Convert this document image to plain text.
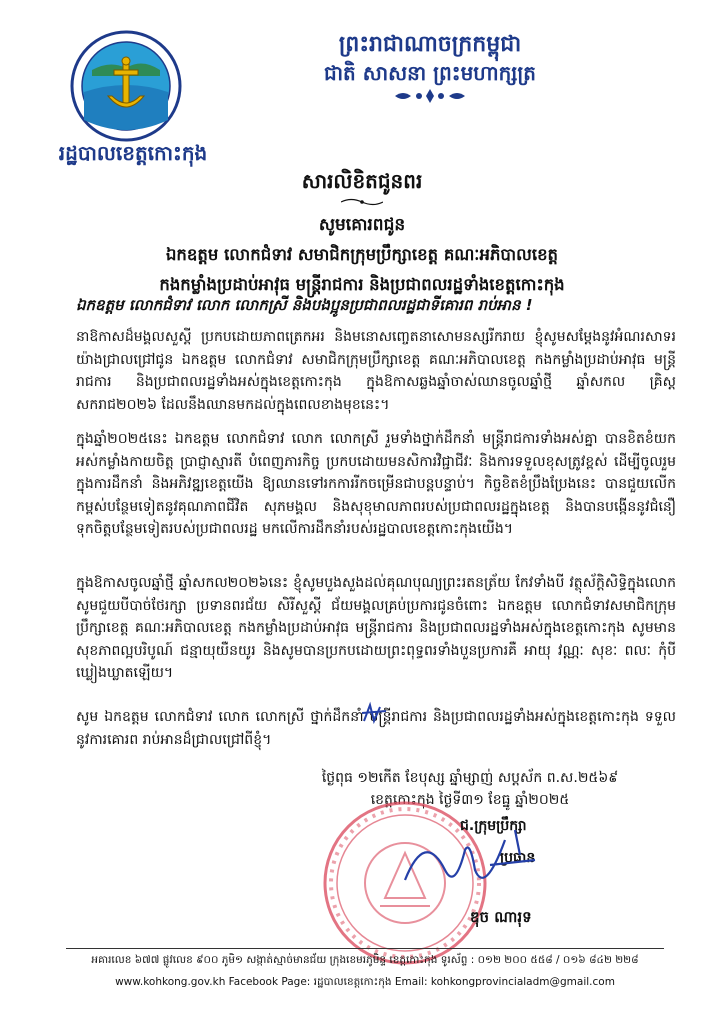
រដ្ឋបាលខេត្តកោះកុង
ព្រះរាជាណាចក្រកម្ពុជា
ជាតិ សាសនា ព្រះមហាក្សត្រ
សារលិខិតជូនពរ
សូមគោរពជូន
ឯកឧត្តម លោកជំទាវ សមាជិកក្រុមប្រឹក្សាខេត្ត គណៈអភិបាលខេត្ត
កងកម្លាំងប្រដាប់អាវុធ មន្ត្រីរាជការ និងប្រជាពលរដ្ឋទាំងខេត្តកោះកុង
ឯកឧត្តម លោកជំទាវ លោក លោកស្រី និងបងប្អូនប្រជាពលរដ្ឋជាទីគោរព រាប់អាន !
នាឱកាសដ៏មង្គលសួស្ដី ប្រកបដោយភាពត្រេកអរ និងមនោសញ្ចេតនាសោមនស្សរីករាយ ខ្ញុំសូមសម្ដែងនូវអំណរសាទរយ៉ាងជ្រាលជ្រៅជូន ឯកឧត្តម លោកជំទាវ សមាជិកក្រុមប្រឹក្សាខេត្ត គណៈអភិបាលខេត្ត កងកម្លាំងប្រដាប់អាវុធ មន្ត្រីរាជការ និងប្រជាពលរដ្ឋទាំងអស់ក្នុងខេត្តកោះកុង ក្នុងឱកាសឆ្លងឆ្នាំចាស់ឈានចូលឆ្នាំថ្មី ឆ្នាំសកល គ្រិស្ដសករាជ២០២៦ ដែលនឹងឈានមកដល់ក្នុងពេលខាងមុខនេះ។
ក្នុងឆ្នាំ២០២៥នេះ ឯកឧត្តម លោកជំទាវ លោក លោកស្រី រួមទាំងថ្នាក់ដឹកនាំ មន្ត្រីរាជការទាំងអស់គ្នា បានខិតខំយកអស់កម្លាំងកាយចិត្ត ប្រាជ្ញាស្មារតី បំពេញភារកិច្ច ប្រកបដោយមនសិការវិជ្ជាជីវៈ និងការទទួលខុសត្រូវខ្ពស់ ដើម្បីចូលរួមក្នុងការដឹកនាំ និងអភិវឌ្ឍខេត្តយើង ឱ្យឈានទៅរកការរីកចម្រើនជាបន្តបន្ទាប់។ កិច្ចខិតខំប្រឹងប្រែងនេះ បានជួយលើកកម្ពស់បន្ថែមទៀតនូវគុណភាពជីវិត សុភមង្គល និងសុខុមាលភាពរបស់ប្រជាពលរដ្ឋក្នុងខេត្ត និងបានបង្កើននូវជំនឿទុកចិត្តបន្ថែមទៀតរបស់ប្រជាពលរដ្ឋ មកលើការដឹកនាំរបស់រដ្ឋបាលខេត្តកោះកុងយើង។
ក្នុងឱកាសចូលឆ្នាំថ្មី ឆ្នាំសកល២០២៦នេះ ខ្ញុំសូមបួងសួងដល់គុណបុណ្យព្រះរតនត្រ័យ កែវទាំងបី វត្ថុស័ក្ដិសិទ្ធិក្នុងលោក សូមជួយបីបាច់ថែរក្សា ប្រទានពរជ័យ សិរីសួស្ដី ជ័យមង្គលគ្រប់ប្រការជូនចំពោះ ឯកឧត្តម លោកជំទាវសមាជិកក្រុមប្រឹក្សាខេត្ត គណៈអភិបាលខេត្ត កងកម្លាំងប្រដាប់អាវុធ មន្ត្រីរាជការ និងប្រជាពលរដ្ឋទាំងអស់ក្នុងខេត្តកោះកុង សូមមានសុខភាពល្អបរិបូណ៍ ជន្មាយុយឺនយូរ និងសូមបានប្រកបដោយព្រះពុទ្ធពរទាំងបួនប្រការគឺ អាយុ វណ្ណៈ សុខៈ ពលៈ កុំបីឃ្លៀងឃ្លាតឡើយ។
សូម ឯកឧត្តម លោកជំទាវ លោក លោកស្រី ថ្នាក់ដឹកនាំ មន្ត្រីរាជការ និងប្រជាពលរដ្ឋទាំងអស់ក្នុងខេត្តកោះកុង ទទួលនូវការគោរព រាប់អានដ៏ជ្រាលជ្រៅពីខ្ញុំ។
ថ្ងៃពុធ ១២កើត ខែបុស្ស ឆ្នាំម្សាញ់ សប្តស័ក ព.ស.២៥៦៩
ខេត្តកោះកុង ថ្ងៃទី៣១ ខែធ្នូ ឆ្នាំ២០២៥
ជ.ក្រុមប្រឹក្សា
ប្រធាន
ឌុច ណារុទ
អគារលេខ ៦៧៧ ផ្លូវលេខ ៩០០ ភូមិ១ សង្កាត់ស្មាច់មានជ័យ ក្រុងខេមរភូមិន្ទ ខេត្តកោះកុង ទូរស័ព្ទ : ០១២ ២០០ ៥៥៨ / ០១៦ ៨៤២ ២២៨
www.kohkong.gov.kh Facebook Page: រដ្ឋបាលខេត្តកោះកុង Email: kohkongprovincialadm@gmail.com
